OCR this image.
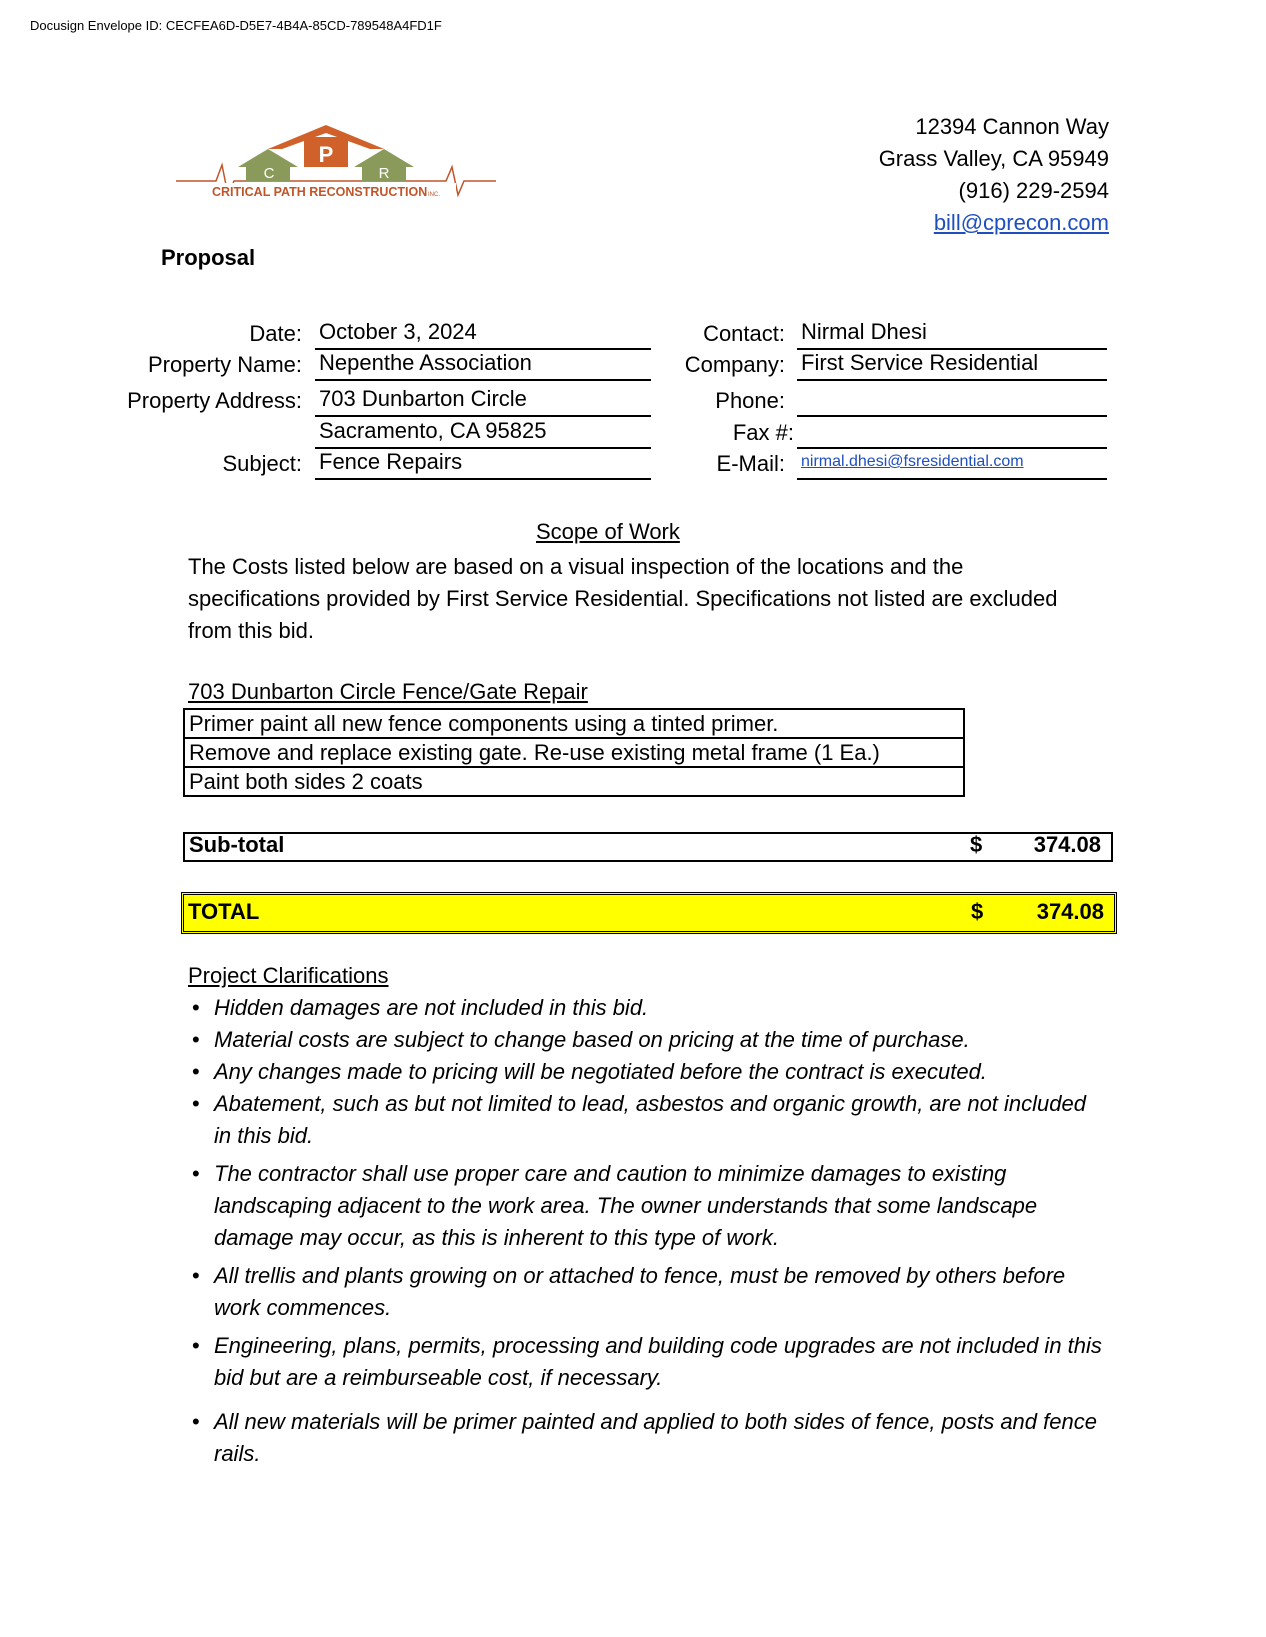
Docusign Envelope ID: CECFEA6D-D5E7-4B4A-85CD-789548A4FD1F
C
P
R
CRITICAL PATH RECONSTRUCTION INC.
12394 Cannon Way
Grass Valley, CA 95949
(916) 229-2594
bill@cprecon.com
Proposal
Date: October 3, 2024
Property Name: Nepenthe Association
Property Address: 703 Dunbarton Circle
Sacramento, CA 95825
Subject: Fence Repairs
Contact: Nirmal Dhesi
Company: First Service Residential
Phone:
Fax #:
E-Mail: nirmal.dhesi@fsresidential.com
Scope of Work
The Costs listed below are based on a visual inspection of the locations and the specifications provided by First Service Residential. Specifications not listed are excluded from this bid.
703 Dunbarton Circle Fence/Gate Repair
Primer paint all new fence components using a tinted primer.
Remove and replace existing gate. Re-use existing metal frame (1 Ea.)
Paint both sides 2 coats
Sub-total	$ 374.08
TOTAL	$ 374.08
Project Clarifications
• Hidden damages are not included in this bid.
• Material costs are subject to change based on pricing at the time of purchase.
• Any changes made to pricing will be negotiated before the contract is executed.
• Abatement, such as but not limited to lead, asbestos and organic growth, are not included in this bid.
• The contractor shall use proper care and caution to minimize damages to existing landscaping adjacent to the work area. The owner understands that some landscape damage may occur, as this is inherent to this type of work.
• All trellis and plants growing on or attached to fence, must be removed by others before work commences.
• Engineering, plans, permits, processing and building code upgrades are not included in this bid but are a reimburseable cost, if necessary.
• All new materials will be primer painted and applied to both sides of fence, posts and fence rails.
